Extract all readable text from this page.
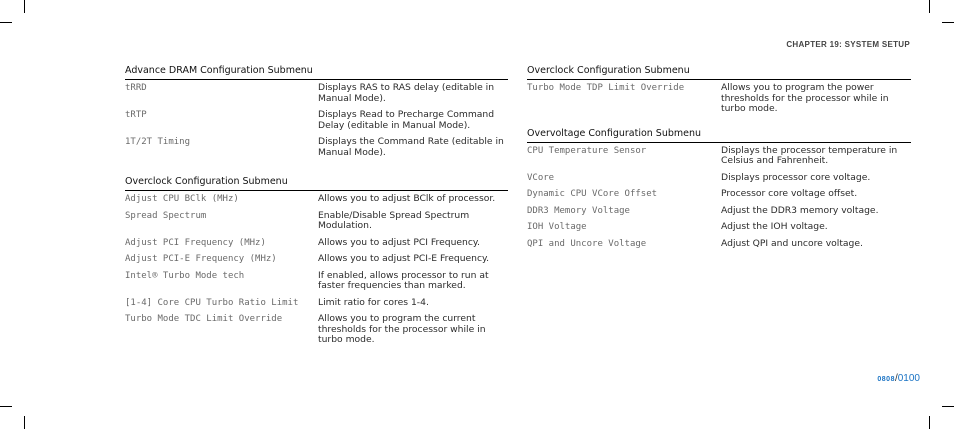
CHAPTER 19: SYSTEM SETUP
Advance DRAM Configuration Submenu
tRRD	Displays RAS to RAS delay (editable in Manual Mode).
tRTP	Displays Read to Precharge Command Delay (editable in Manual Mode).
1T/2T Timing	Displays the Command Rate (editable in Manual Mode).
Overclock Configuration Submenu
Adjust CPU BClk (MHz)	Allows you to adjust BClk of processor.
Spread Spectrum	Enable/Disable Spread Spectrum Modulation.
Adjust PCI Frequency (MHz)	Allows you to adjust PCI Frequency.
Adjust PCI-E Frequency (MHz)	Allows you to adjust PCI-E Frequency.
Intel® Turbo Mode tech	If enabled, allows processor to run at faster frequencies than marked.
[1-4] Core CPU Turbo Ratio Limit	Limit ratio for cores 1-4.
Turbo Mode TDC Limit Override	Allows you to program the current thresholds for the processor while in turbo mode.
Overclock Configuration Submenu
Turbo Mode TDP Limit Override	Allows you to program the power thresholds for the processor while in turbo mode.
Overvoltage Configuration Submenu
CPU Temperature Sensor	Displays the processor temperature in Celsius and Fahrenheit.
VCore	Displays processor core voltage.
Dynamic CPU VCore Offset	Processor core voltage offset.
DDR3 Memory Voltage	Adjust the DDR3 memory voltage.
IOH Voltage	Adjust the IOH voltage.
QPI and Uncore Voltage	Adjust QPI and uncore voltage.
0808/0100
